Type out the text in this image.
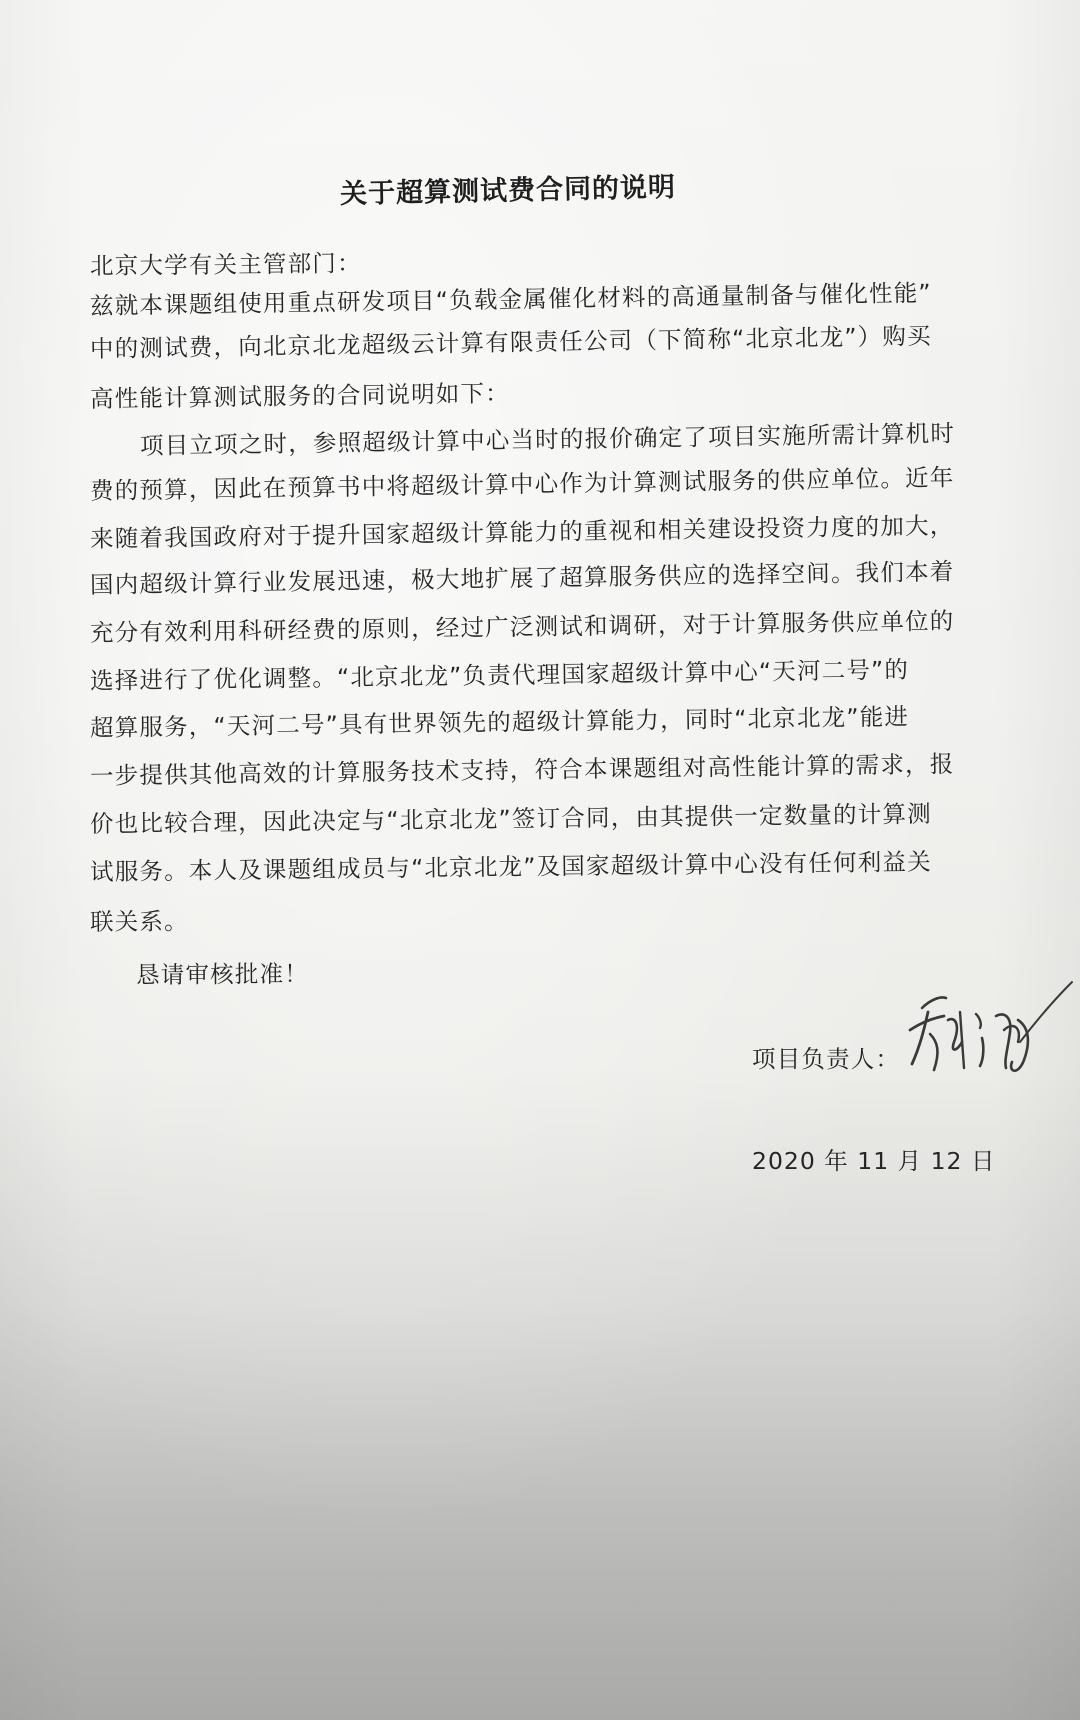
关于超算测试费合同的说明
北京大学有关主管部门：
兹就本课题组使用重点研发项目“负载金属催化材料的高通量制备与催化性能”
中的测试费，向北京北龙超级云计算有限责任公司（下简称“北京北龙”）购买
高性能计算测试服务的合同说明如下：
项目立项之时，参照超级计算中心当时的报价确定了项目实施所需计算机时
费的预算，因此在预算书中将超级计算中心作为计算测试服务的供应单位。近年
来随着我国政府对于提升国家超级计算能力的重视和相关建设投资力度的加大，
国内超级计算行业发展迅速，极大地扩展了超算服务供应的选择空间。我们本着
充分有效利用科研经费的原则，经过广泛测试和调研，对于计算服务供应单位的
选择进行了优化调整。“北京北龙”负责代理国家超级计算中心“天河二号”的
超算服务，“天河二号”具有世界领先的超级计算能力，同时“北京北龙”能进
一步提供其他高效的计算服务技术支持，符合本课题组对高性能计算的需求，报
价也比较合理，因此决定与“北京北龙”签订合同，由其提供一定数量的计算测
试服务。本人及课题组成员与“北京北龙”及国家超级计算中心没有任何利益关
联关系。
恳请审核批准！
项目负责人：
2020 年 11 月 12 日
